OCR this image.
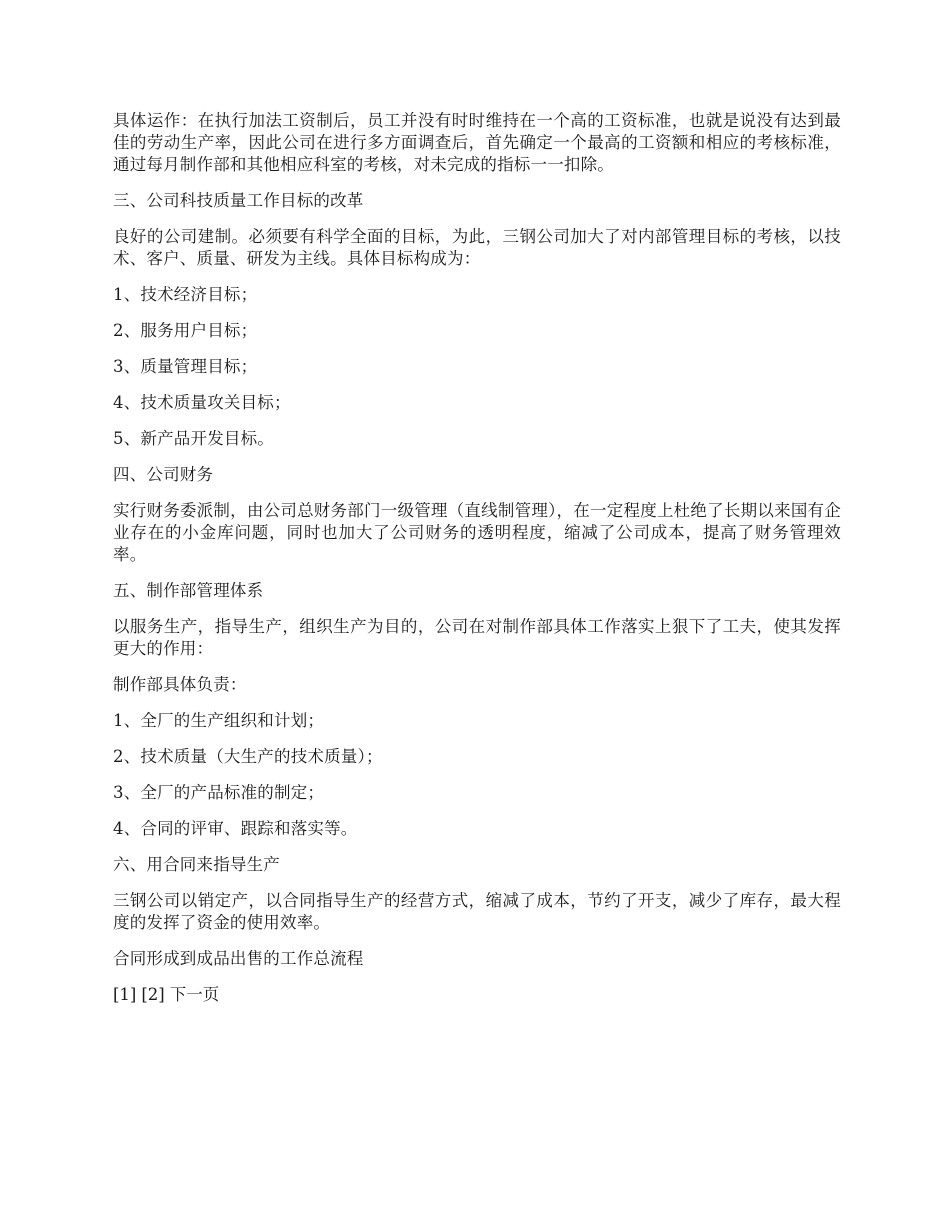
具体运作：在执行加法工资制后，员工并没有时时维持在一个高的工资标准，也就是说没有达到最佳的劳动生产率，因此公司在进行多方面调查后，首先确定一个最高的工资额和相应的考核标准，通过每月制作部和其他相应科室的考核，对未完成的指标一一扣除。

三、公司科技质量工作目标的改革

良好的公司建制。必须要有科学全面的目标，为此，三钢公司加大了对内部管理目标的考核，以技术、客户、质量、研发为主线。具体目标构成为：

1、技术经济目标；

2、服务用户目标；

3、质量管理目标；

4、技术质量攻关目标；

5、新产品开发目标。

四、公司财务

实行财务委派制，由公司总财务部门一级管理（直线制管理），在一定程度上杜绝了长期以来国有企业存在的小金库问题，同时也加大了公司财务的透明程度，缩减了公司成本，提高了财务管理效率。

五、制作部管理体系

以服务生产，指导生产，组织生产为目的，公司在对制作部具体工作落实上狠下了工夫，使其发挥更大的作用：

制作部具体负责：

1、全厂的生产组织和计划；

2、技术质量（大生产的技术质量）；

3、全厂的产品标准的制定；

4、合同的评审、跟踪和落实等。

六、用合同来指导生产

三钢公司以销定产，以合同指导生产的经营方式，缩减了成本，节约了开支，减少了库存，最大程度的发挥了资金的使用效率。

合同形成到成品出售的工作总流程

[1] [2] 下一页
